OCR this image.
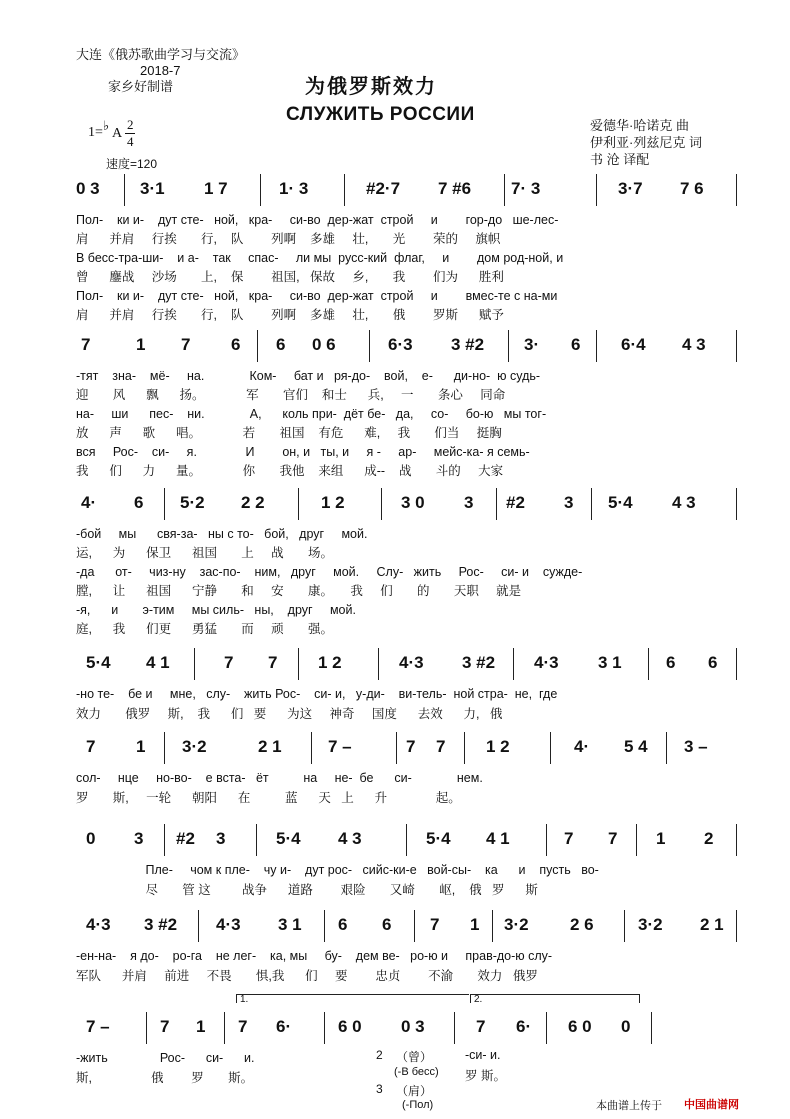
大连《俄苏歌曲学习与交流》
2018-7
家乡好制谱	为俄罗斯效力
СЛУЖИТЬ РОССИИ
爱德华·哈诺克 曲
伊利亚·列兹尼克 词
书 沧 译配
1= ♭
A
2
4
速度=120
0 3 3·1 1 7	1· 3	#2·7 7 #6 7· 3	3·7 7 6
Пол-    ки и-    дут сте-   ной,   кра-     си-во  дер-жат  строй     и        гор-до   ше-лес-
肩      并肩     行挨       行,    队        列啊    多雄     壮,       光        荣的     旗帜
В бесс-тра-ши-    и а-    так     спас-     ли мы  русс-кий  флаг,     и        дом род-ной, и
曾      鏖战     沙场       上,    保        祖国,   保故     乡,       我        们为      胜利
Пол-    ки и-    дут сте-   ной,   кра-     си-во  дер-жат  строй     и        вмес-те с на-ми
肩      并肩     行挨       行,    队        列啊    多雄     壮,       俄        罗斯      赋予
7	1 7 6 6 0 6	6·3 3 #2 3· 6 6·4 4 3
-тят    зна-    мё-     на.             Ком-     бат и   ря-до-    вой,    е-      ди-но-  ю судь-
迎       风      飘      扬。            军       官们    和士      兵,     一       条心     同命
на-     ши      пес-    ни.             А,      коль при-  дёт бе-   да,     со-     бо-ю   мы тог-
放      声      歌      唱。            若       祖国    有危      难,     我       们当     挺胸
вся     Рос-    си-     я.              И        он, и   ты, и     я -     ар-     мейс-ка- я семь-
我      们      力      量。            你       我他    来组      成--    战       斗的     大家
4· 6 5·2 2 2	1 2	3 0 3 #2 3 5·4 4 3
-бой     мы      свя-за-   ны с то-   бой,   друг     мой.
运,      为      保卫      祖国       上     战       场。
-да      от-     чиз-ну    зас-по-    ним,   друг     мой.     Слу-   жить     Рос-     си- и    сужде-
膛,      让      祖国      宁静       和     安       康。     我     们       的       天职     就是
-я,      и       э-тим     мы силь-   ны,    друг     мой.
庭,      我      们更      勇猛       而     顽       强。
5·4 4 1	7 7 1 2	4·3 3 #2 4·3 3 1	6 6
-но те-    бе и     мне,   слу-    жить Рос-    си- и,   у-ди-    ви-тель-  ной стра-  не,  где
效力       俄罗     斯,    我      们   要      为这     神奇     国度      去效      力,   俄
7 1 3·2	2 1	7 –	7 7 1 2	4· 5 4 3 –
сол-     нце     но-во-    е вста-   ёт          на     не-  бе      си-             нем.
罗       斯,     一轮      朝阳      在          蓝      天   上      升              起。
0 3 #2 3	5·4 4 3	5·4 4 1	7 7 1 2
Пле-     чом к пле-    чу и-    дут рос-   сийс-ки-е   вой-сы-    ка      и    пусть   во-
尽       管 这         战争      道路        艰险       又崎       岖,    俄   罗      斯
4·3 3 #2 4·3 3 1 6 6 7 1 3·2 2 6	3·2 2 1
-ен-на-    я до-    ро-га    не лег-    ка, мы     бу-    дем ве-   ро-ю и     прав-до-ю слу-
军队      并肩     前进     不畏       惧,我      们     要        忠贞        不渝       效力   俄罗
7 –	7 1 7 6·	6 0 0 3	7 6· 6 0 0
-жить               Рос-      си-      и.
斯,                 俄        罗       斯。
1.	2.
-си- и.
罗 斯。
2 （曾）
(-В бесс)
3 （肩）
(-Пол)	本曲谱上传于 中国曲谱网
